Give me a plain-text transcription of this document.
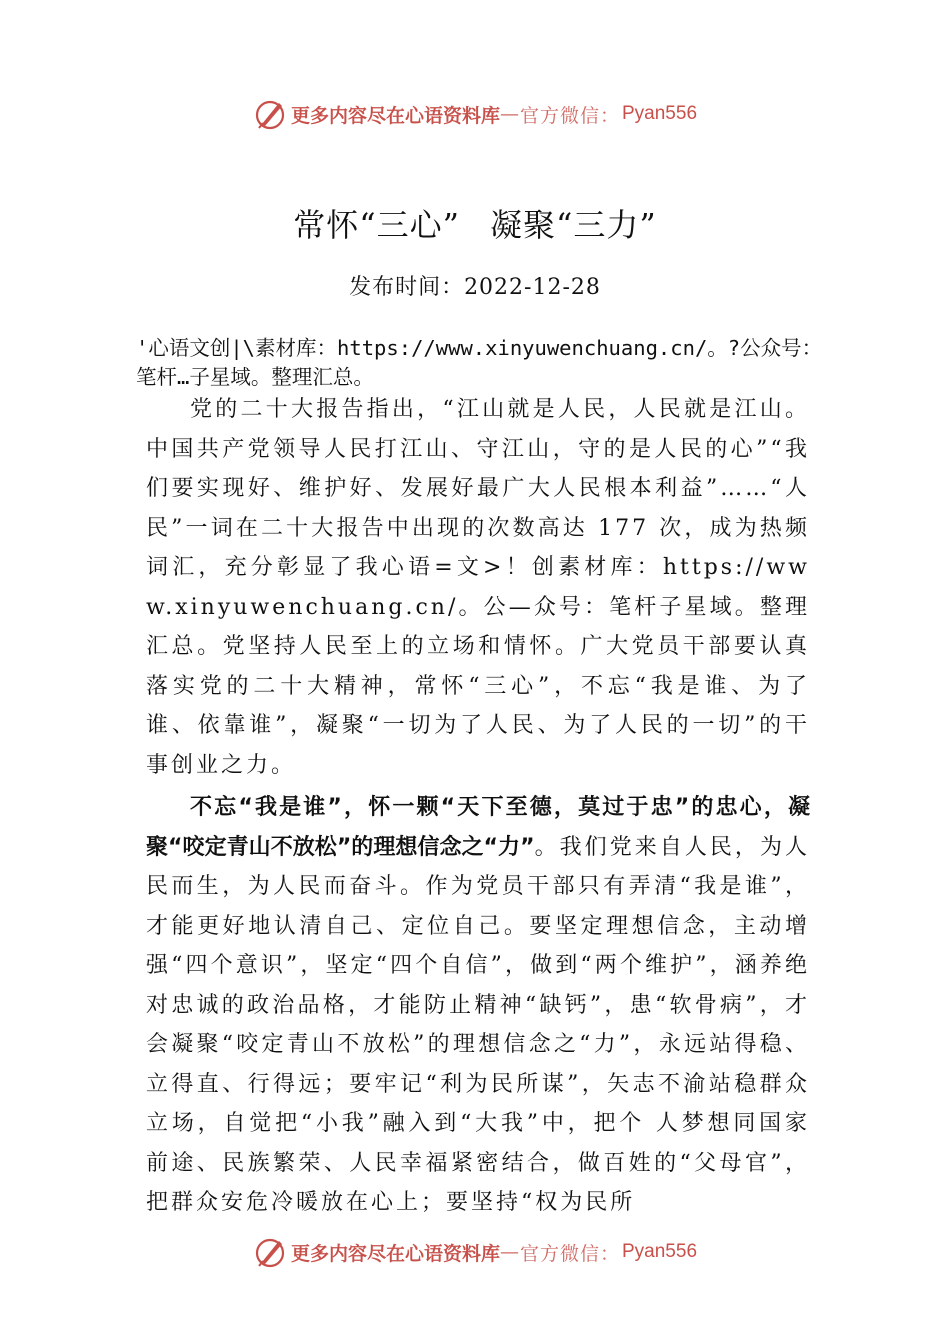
更多内容尽在心语资料库 — 官方微信： Pyan556
常怀“三心” 凝聚“三力”
发布时间：2022-12-28
'心语文创|\素材库：https://www.xinyuwenchuang.cn/。?公众号：笔杆…子星域。整理汇总。

党的二十大报告指出，“江山就是人民，人民就是江山。中国共产党领导人民打江山、守江山，守的是人民的心”“我们要实现好、维护好、发展好最广大人民根本利益”……“人民”一词在二十大报告中出现的次数高达 177 次，成为热频词汇，充分彰显了我心语=文>！创素材库：https://www.xinyuwenchuang.cn/。公—众号：笔杆子星域。整理汇总。党坚持人民至上的立场和情怀。广大党员干部要认真落实党的二十大精神，常怀“三心”，不忘“我是谁、为了谁、依靠谁”，凝聚“一切为了人民、为了人民的一切”的干事创业之力。

不忘“我是谁”，怀一颗“天下至德，莫过于忠”的忠心，凝聚“咬定青山不放松”的理想信念之“力”。我们党来自人民，为人民而生，为人民而奋斗。作为党员干部只有弄清“我是谁”，才能更好地认清自己、定位自己。要坚定理想信念，主动增强“四个意识”，坚定“四个自信”，做到“两个维护”，涵养绝对忠诚的政治品格，才能防止精神“缺钙”，患“软骨病”，才会凝聚“咬定青山不放松”的理想信念之“力”，永远站得稳、立得直、行得远；要牢记“利为民所谋”，矢志不渝站稳群众立场，自觉把“小我”融入到“大我”中，把个 人梦想同国家前途、民族繁荣、人民幸福紧密结合，做百姓的“父母官”，把群众安危冷暖放在心上；要坚持“权为民所

更多内容尽在心语资料库 — 官方微信： Pyan556
